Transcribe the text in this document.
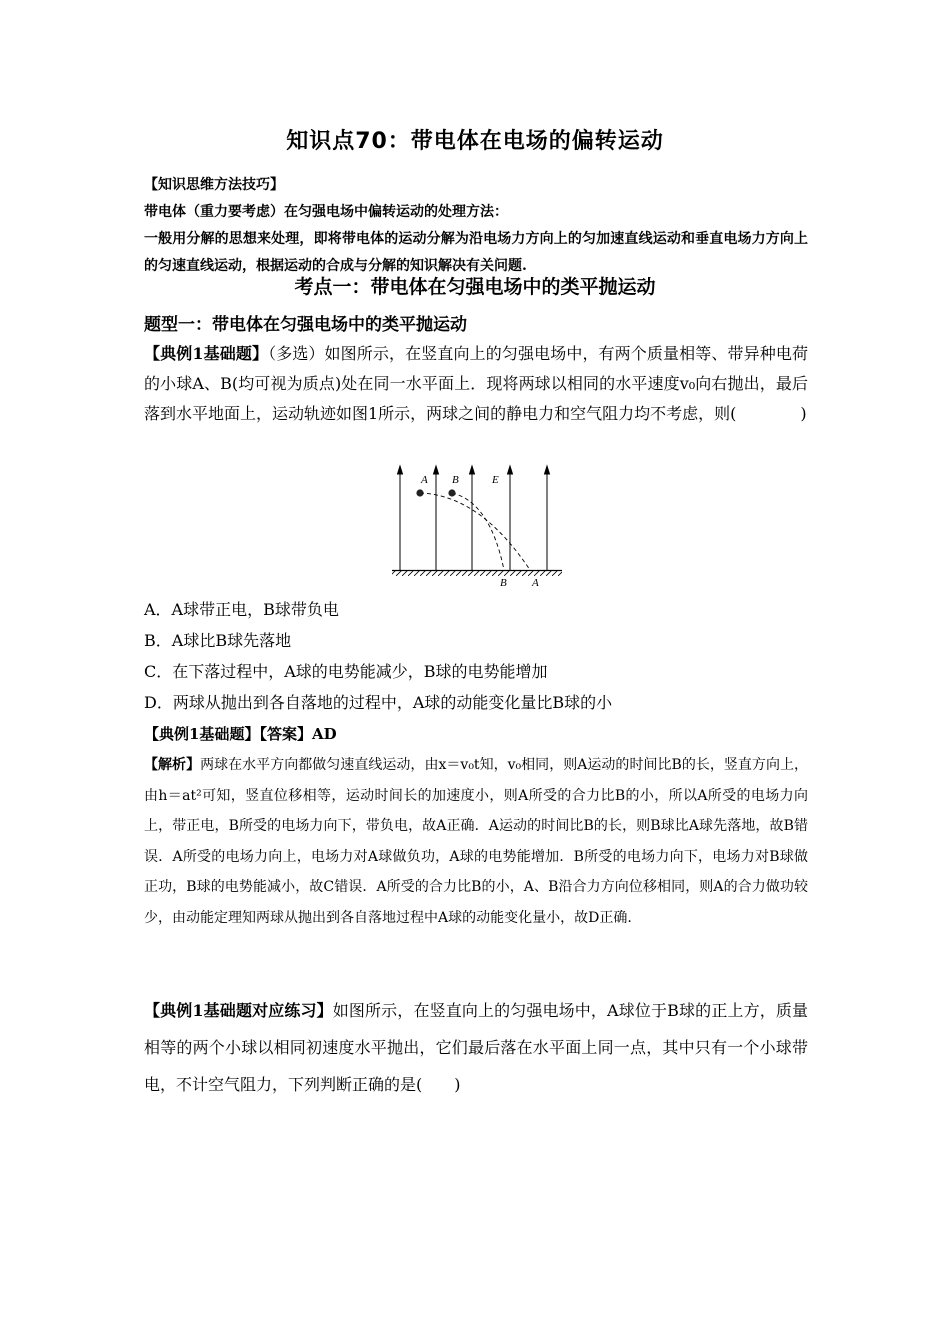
知识点70：带电体在电场的偏转运动
【知识思维方法技巧】
带电体（重力要考虑）在匀强电场中偏转运动的处理方法：
一般用分解的思想来处理，即将带电体的运动分解为沿电场力方向上的匀加速直线运动和垂直电场力方向上的匀速直线运动，根据运动的合成与分解的知识解决有关问题.
考点一：带电体在匀强电场中的类平抛运动
题型一：带电体在匀强电场中的类平抛运动
【典例1基础题】（多选）如图所示，在竖直向上的匀强电场中，有两个质量相等、带异种电荷的小球A、B(均可视为质点)处在同一水平面上．现将两球以相同的水平速度v₀向右抛出，最后落到水平地面上，运动轨迹如图1所示，两球之间的静电力和空气阻力均不考虑，则(　　　　)
A B	E
B A
A．A球带正电，B球带负电
B．A球比B球先落地
C．在下落过程中，A球的电势能减少，B球的电势能增加
D．两球从抛出到各自落地的过程中，A球的动能变化量比B球的小
【典例1基础题】【答案】AD
【解析】两球在水平方向都做匀速直线运动，由x＝v₀t知，v₀相同，则A运动的时间比B的长，竖直方向上，由h＝at²可知，竖直位移相等，运动时间长的加速度小，则A所受的合力比B的小，所以A所受的电场力向上，带正电，B所受的电场力向下，带负电，故A正确．A运动的时间比B的长，则B球比A球先落地，故B错误．A所受的电场力向上，电场力对A球做负功，A球的电势能增加．B所受的电场力向下，电场力对B球做正功，B球的电势能减小，故C错误．A所受的合力比B的小，A、B沿合力方向位移相同，则A的合力做功较少，由动能定理知两球从抛出到各自落地过程中A球的动能变化量小，故D正确.
【典例1基础题对应练习】如图所示，在竖直向上的匀强电场中，A球位于B球的正上方，质量相等的两个小球以相同初速度水平抛出，它们最后落在水平面上同一点，其中只有一个小球带电，不计空气阻力，下列判断正确的是(　　)
